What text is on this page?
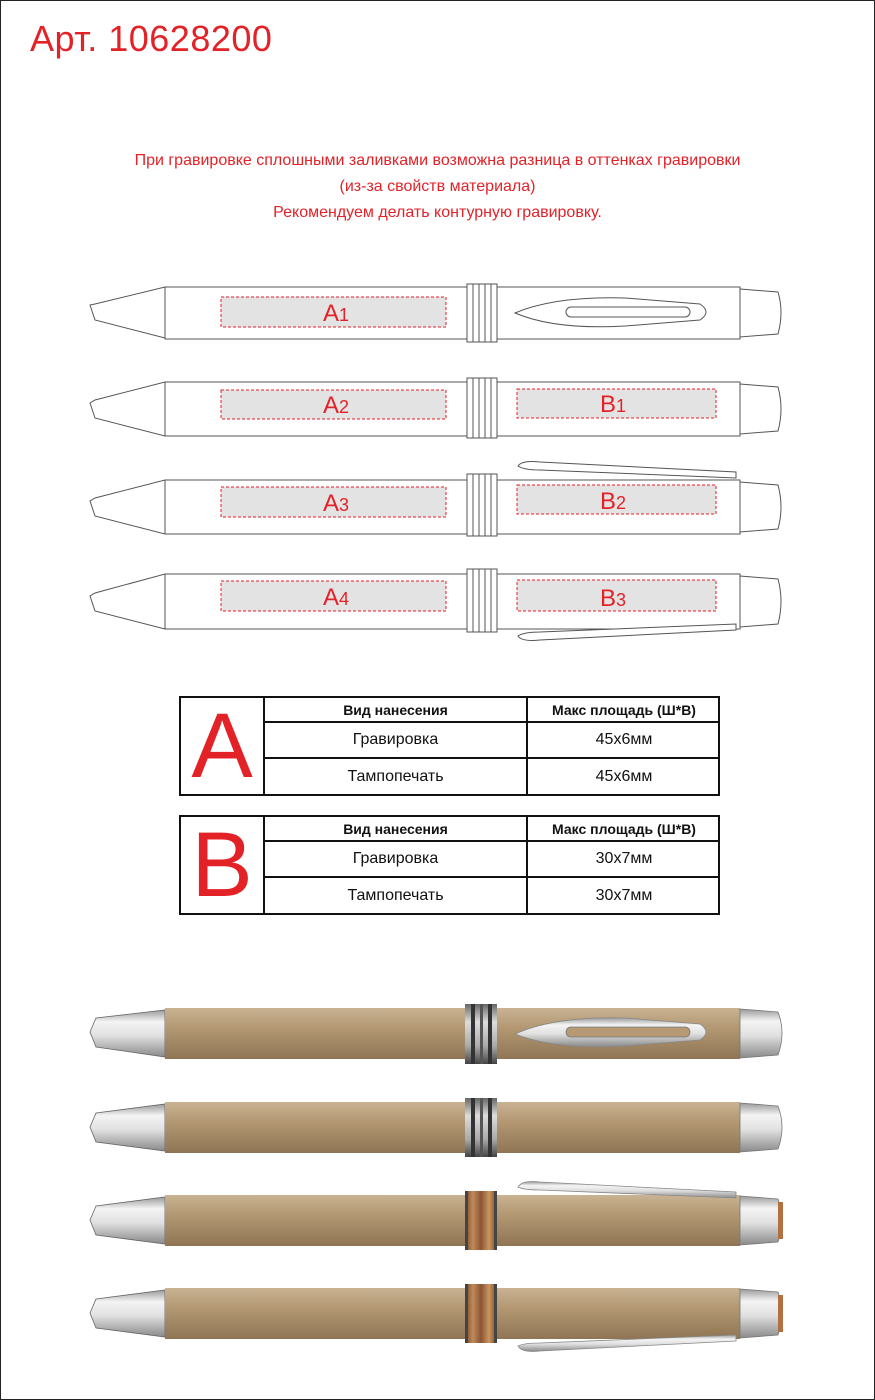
Арт. 10628200
При гравировке сплошными заливками возможна разница в оттенках гравировки
(из-за свойств материала)
Рекомендуем делать контурную гравировку.
A1
A2	B1
A3	B2
A4	B3
A	Вид нанесения	Макс площадь (Ш*В)
Гравировка	45х6мм
Тампопечать	45х6мм
B	Вид нанесения	Макс площадь (Ш*В)
Гравировка	30х7мм
Тампопечать	30х7мм
